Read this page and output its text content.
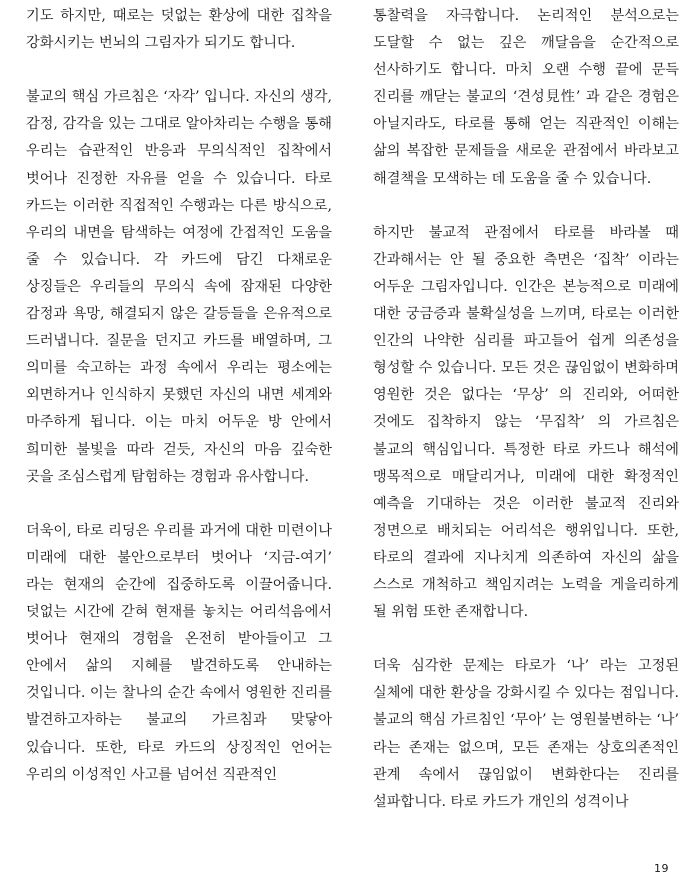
기도 하지만, 때로는 덧없는 환상에 대한 집착을 강화시키는 번뇌의 그림자가 되기도 합니다.

불교의 핵심 가르침은 ‘자각’ 입니다. 자신의 생각, 감정, 감각을 있는 그대로 알아차리는 수행을 통해 우리는 습관적인 반응과 무의식적인 집착에서 벗어나 진정한 자유를 얻을 수 있습니다. 타로 카드는 이러한 직접적인 수행과는 다른 방식으로, 우리의 내면을 탐색하는 여정에 간접적인 도움을 줄 수 있습니다. 각 카드에 담긴 다채로운 상징들은 우리들의 무의식 속에 잠재된 다양한 감정과 욕망, 해결되지 않은 갈등들을 은유적으로 드러냅니다. 질문을 던지고 카드를 배열하며, 그 의미를 숙고하는 과정 속에서 우리는 평소에는 외면하거나 인식하지 못했던 자신의 내면 세계와 마주하게 됩니다. 이는 마치 어두운 방 안에서 희미한 불빛을 따라 걷듯, 자신의 마음 깊숙한 곳을 조심스럽게 탐험하는 경험과 유사합니다.

더욱이, 타로 리딩은 우리를 과거에 대한 미련이나 미래에 대한 불안으로부터 벗어나 ‘지금-여기’ 라는 현재의 순간에 집중하도록 이끌어줍니다. 덧없는 시간에 갇혀 현재를 놓치는 어리석음에서 벗어나 현재의 경험을 온전히 받아들이고 그 안에서 삶의 지혜를 발견하도록 안내하는 것입니다. 이는 찰나의 순간 속에서 영원한 진리를 발견하고자하는 불교의 가르침과 맞닿아 있습니다. 또한, 타로 카드의 상징적인 언어는 우리의 이성적인 사고를 넘어선 직관적인

통찰력을 자극합니다. 논리적인 분석으로는 도달할 수 없는 깊은 깨달음을 순간적으로 선사하기도 합니다. 마치 오랜 수행 끝에 문득 진리를 깨닫는 불교의 ‘견성見性’ 과 같은 경험은 아닐지라도, 타로를 통해 얻는 직관적인 이해는 삶의 복잡한 문제들을 새로운 관점에서 바라보고 해결책을 모색하는 데 도움을 줄 수 있습니다.

하지만 불교적 관점에서 타로를 바라볼 때 간과해서는 안 될 중요한 측면은 ‘집착’ 이라는 어두운 그림자입니다. 인간은 본능적으로 미래에 대한 궁금증과 불확실성을 느끼며, 타로는 이러한 인간의 나약한 심리를 파고들어 쉽게 의존성을 형성할 수 있습니다. 모든 것은 끊임없이 변화하며 영원한 것은 없다는 ‘무상’ 의 진리와, 어떠한 것에도 집착하지 않는 ‘무집착’ 의 가르침은 불교의 핵심입니다. 특정한 타로 카드나 해석에 맹목적으로 매달리거나, 미래에 대한 확정적인 예측을 기대하는 것은 이러한 불교적 진리와 정면으로 배치되는 어리석은 행위입니다. 또한, 타로의 결과에 지나치게 의존하여 자신의 삶을 스스로 개척하고 책임지려는 노력을 게을리하게 될 위험 또한 존재합니다.

더욱 심각한 문제는 타로가 ‘나’ 라는 고정된 실체에 대한 환상을 강화시킬 수 있다는 점입니다. 불교의 핵심 가르침인 ‘무아’ 는 영원불변하는 ‘나’ 라는 존재는 없으며, 모든 존재는 상호의존적인 관계 속에서 끊임없이 변화한다는 진리를 설파합니다. 타로 카드가 개인의 성격이나

19
